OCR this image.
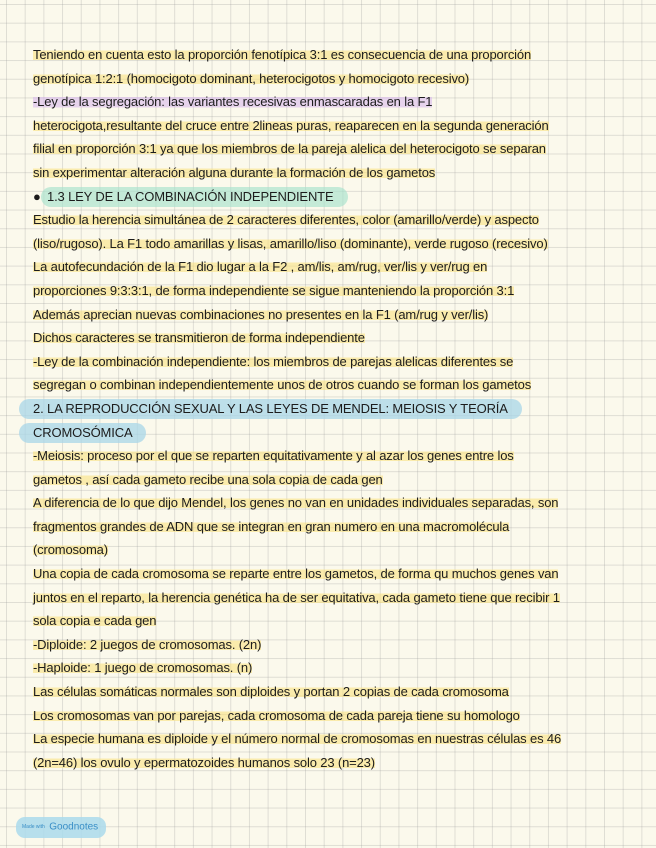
Teniendo en cuenta esto la proporción fenotípica 3:1 es consecuencia de una proporción
genotípica 1:2:1 (homocigoto dominant, heterocigotos y homocigoto recesivo)
-Ley de la segregación: las variantes recesivas enmascaradas en la F1
heterocigota,resultante del cruce entre 2lineas puras, reaparecen en la segunda generación
filial en proporción 3:1 ya que los miembros de la pareja alelica del heterocigoto se separan
sin experimentar alteración alguna durante la formación de los gametos
● 1.3 LEY DE LA COMBINACIÓN INDEPENDIENTE
Estudio la herencia simultánea de 2 caracteres diferentes, color (amarillo/verde) y aspecto
(liso/rugoso). La F1 todo amarillas y lisas, amarillo/liso (dominante), verde rugoso (recesivo)
La autofecundación de la F1 dio lugar a la F2 , am/lis, am/rug, ver/lis y ver/rug en
proporciones 9:3:3:1, de forma independiente se sigue manteniendo la proporción 3:1
Además aprecian nuevas combinaciones no presentes en la F1 (am/rug y ver/lis)
Dichos caracteres se transmitieron de forma independiente
-Ley de la combinación independiente: los miembros de parejas alelicas diferentes se
segregan o combinan independientemente unos de otros cuando se forman los gametos
2. LA REPRODUCCIÓN SEXUAL Y LAS LEYES DE MENDEL: MEIOSIS Y TEORÍA
CROMOSÓMICA
-Meiosis: proceso por el que se reparten equitativamente y al azar los genes entre los
gametos , así cada gameto recibe una sola copia de cada gen
A diferencia de lo que dijo Mendel, los genes no van en unidades individuales separadas, son
fragmentos grandes de ADN que se integran en gran numero en una macromolécula
(cromosoma)
Una copia de cada cromosoma se reparte entre los gametos, de forma qu muchos genes van
juntos en el reparto, la herencia genética ha de ser equitativa, cada gameto tiene que recibir 1
sola copia e cada gen
-Diploide: 2 juegos de cromosomas. (2n)
-Haploide: 1 juego de cromosomas. (n)
Las células somáticas normales son diploides y portan 2 copias de cada cromosoma
Los cromosomas van por parejas, cada cromosoma de cada pareja tiene su homologo
La especie humana es diploide y el número normal de cromosomas en nuestras células es 46
(2n=46) los ovulo y epermatozoides humanos solo 23 (n=23)
Made with Goodnotes
